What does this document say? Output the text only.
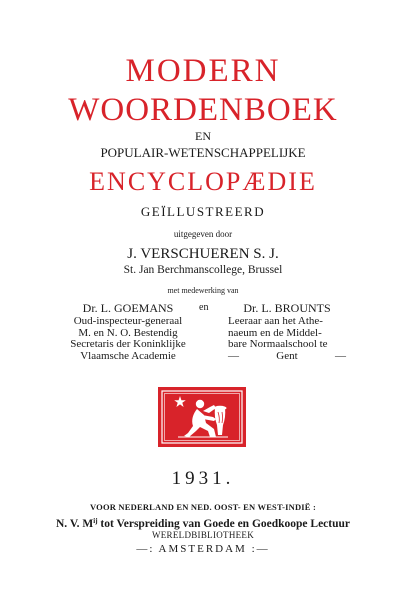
MODERN
WOORDENBOEK
EN
POPULAIR-WETENSCHAPPELIJKE
ENCYCLOPÆDIE
GEÏLLUSTREERD
uitgegeven door
J. VERSCHUEREN S. J.
St. Jan Berchmanscollege, Brussel
met medewerking van
Dr. L. GOEMANS
Oud-inspecteur-generaal
M. en N. O. Bestendig
Secretaris der Koninklijke
Vlaamsche Academie
Dr. L. BROUNTS
Leeraar aan het Athe-
naeum en de Middel-
bare Normaalschool te
—	Gent	—
en
1931.
VOOR NEDERLAND EN NED. OOST- EN WEST-INDIË :
N. V. $M^{ij}$ tot Verspreiding van Goede en Goedkoope Lectuur
WERELDBIBLIOTHEEK
—: AMSTERDAM :—
